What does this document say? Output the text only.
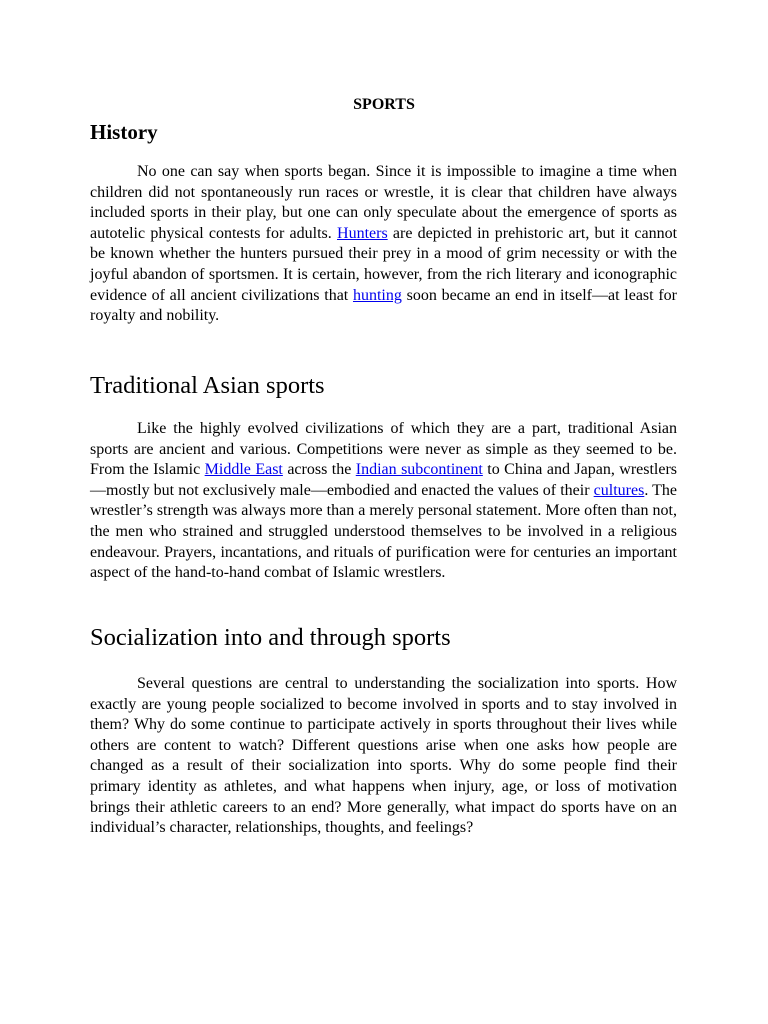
SPORTS
History

No one can say when sports began. Since it is impossible to imagine a time when children did not spontaneously run races or wrestle, it is clear that children have always included sports in their play, but one can only speculate about the emergence of sports as autotelic physical contests for adults. Hunters are depicted in prehistoric art, but it cannot be known whether the hunters pursued their prey in a mood of grim necessity or with the joyful abandon of sportsmen. It is certain, however, from the rich literary and iconographic evidence of all ancient civilizations that hunting soon became an end in itself—at least for royalty and nobility.

Traditional Asian sports

Like the highly evolved civilizations of which they are a part, traditional Asian sports are ancient and various. Competitions were never as simple as they seemed to be. From the Islamic Middle East across the Indian subcontinent to China and Japan, wrestlers—mostly but not exclusively male—embodied and enacted the values of their cultures. The wrestler’s strength was always more than a merely personal statement. More often than not, the men who strained and struggled understood themselves to be involved in a religious endeavour. Prayers, incantations, and rituals of purification were for centuries an important aspect of the hand-to-hand combat of Islamic wrestlers.

Socialization into and through sports

Several questions are central to understanding the socialization into sports. How exactly are young people socialized to become involved in sports and to stay involved in them? Why do some continue to participate actively in sports throughout their lives while others are content to watch? Different questions arise when one asks how people are changed as a result of their socialization into sports. Why do some people find their primary identity as athletes, and what happens when injury, age, or loss of motivation brings their athletic careers to an end? More generally, what impact do sports have on an individual’s character, relationships, thoughts, and feelings?
